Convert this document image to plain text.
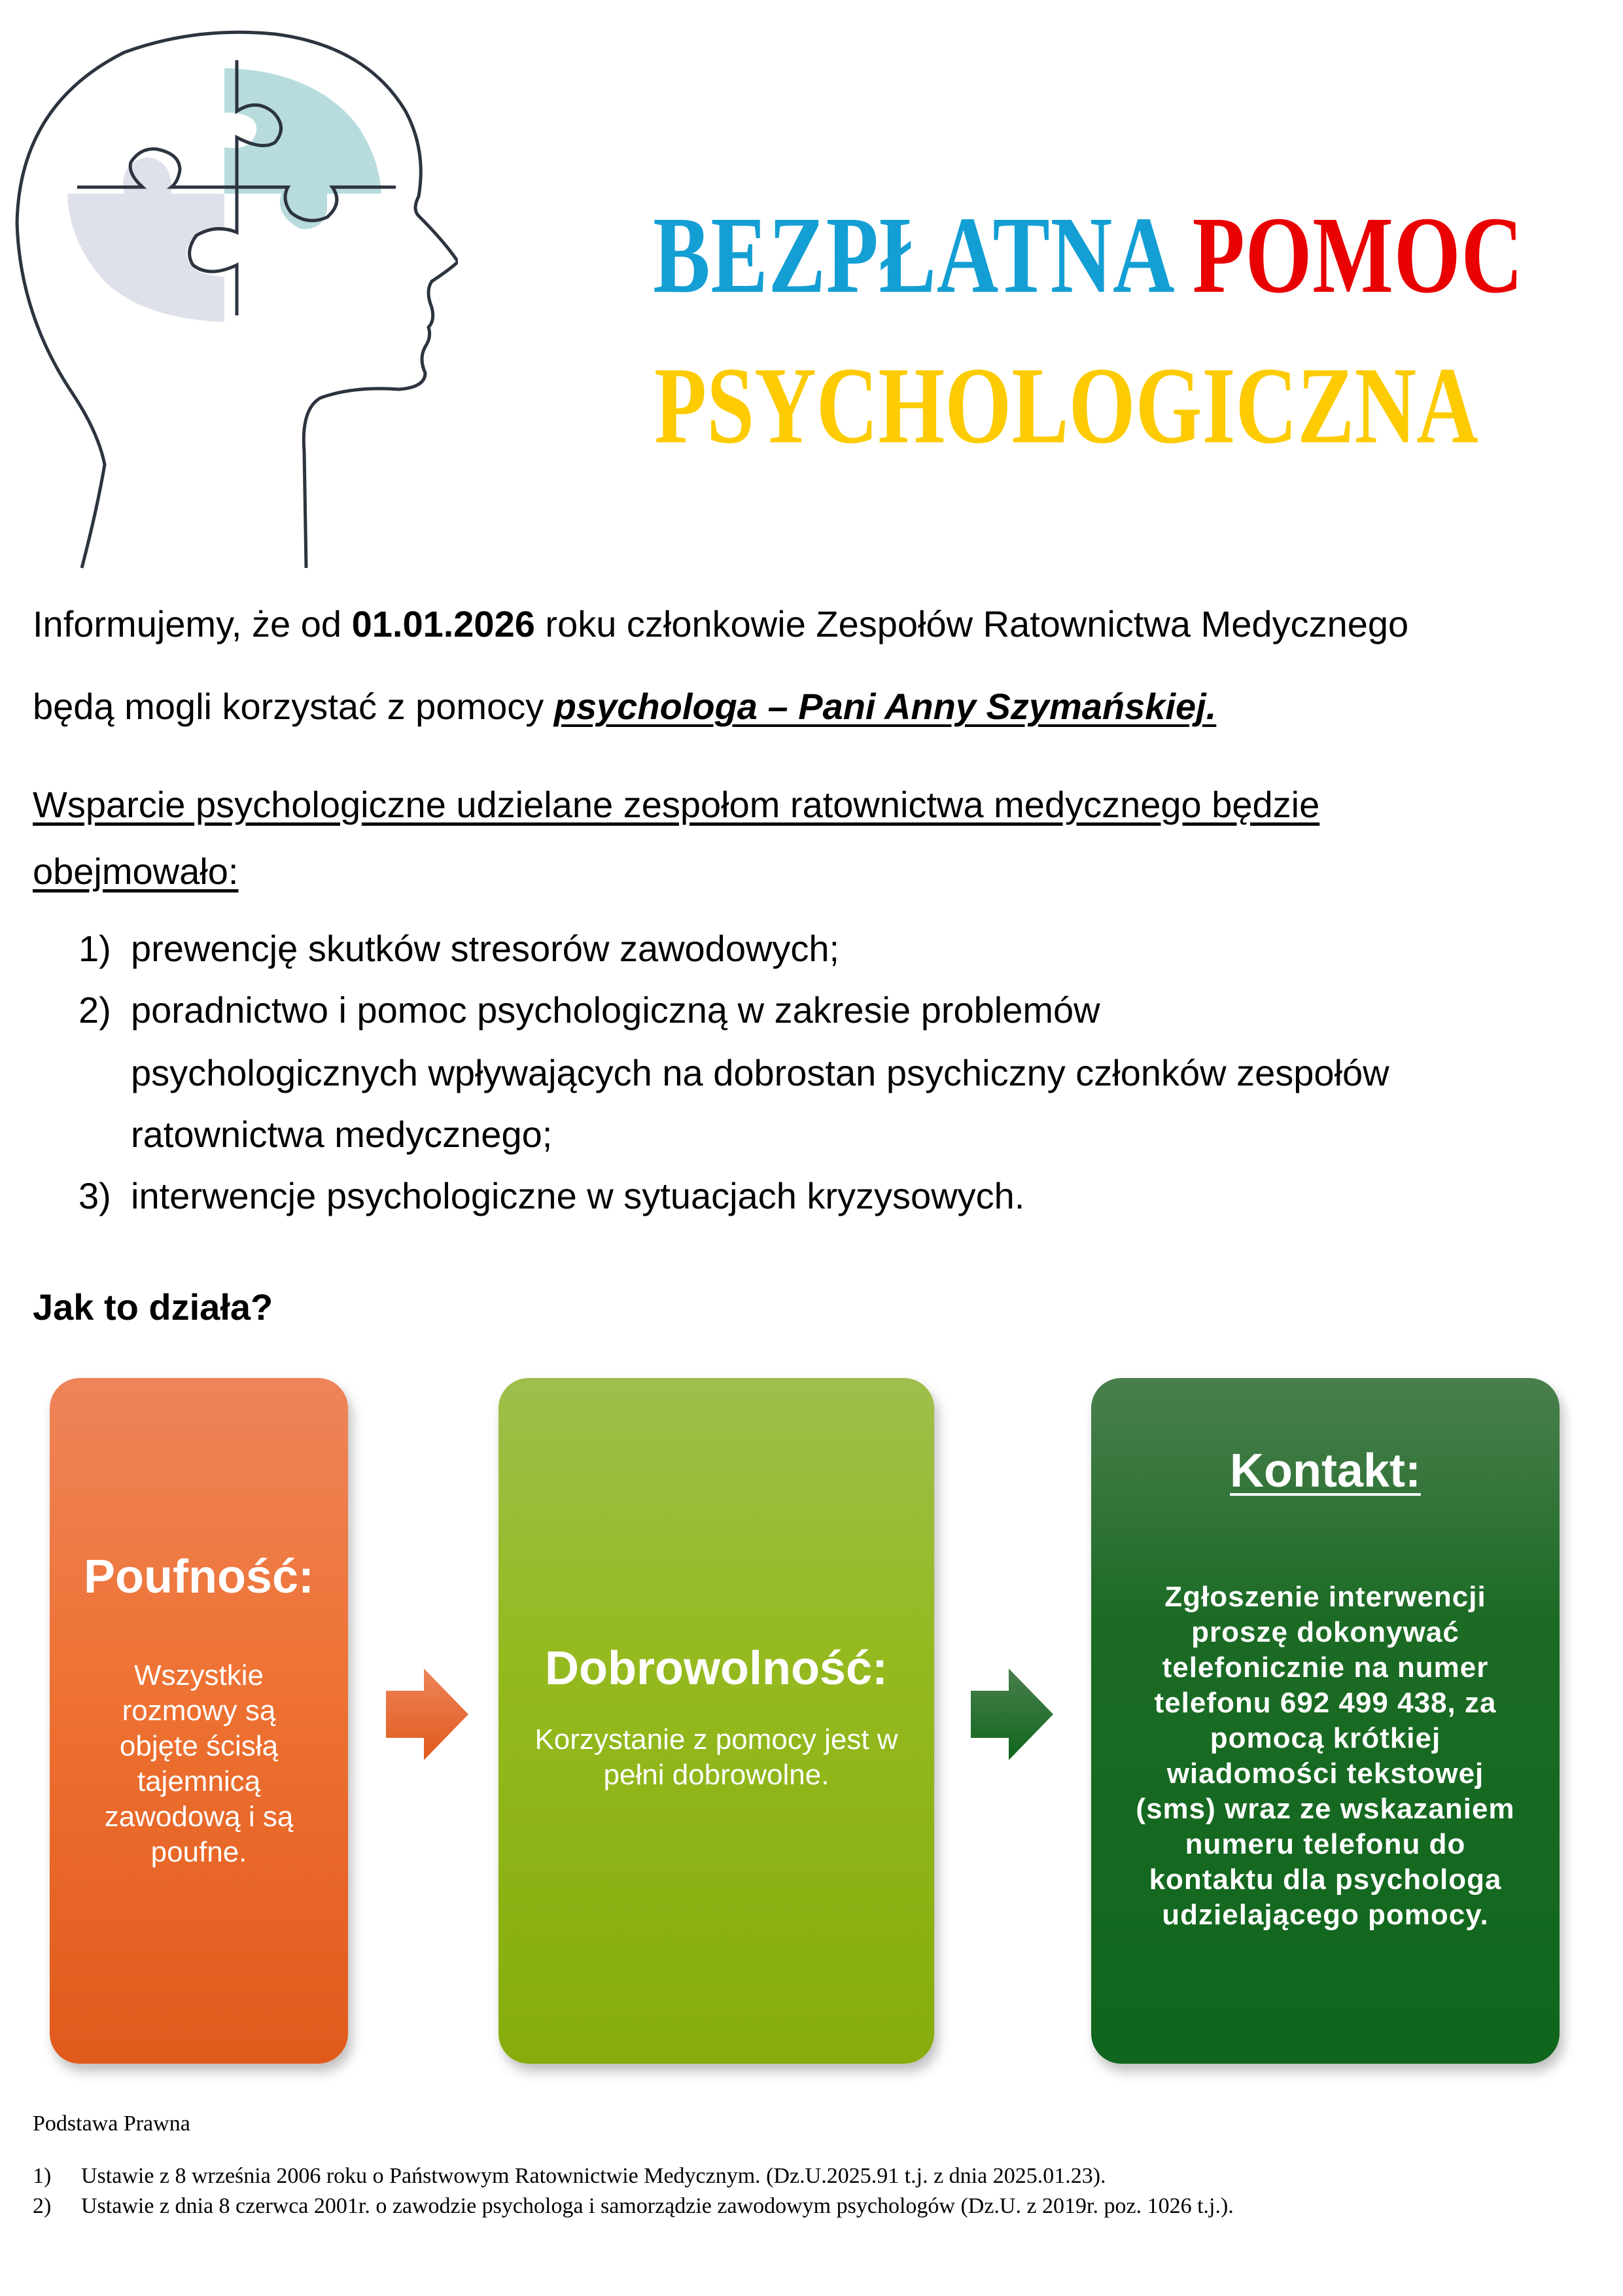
BEZPŁATNA POMOC
PSYCHOLOGICZNA
Informujemy, że od 01.01.2026 roku członkowie Zespołów Ratownictwa Medycznego
będą mogli korzystać z pomocy psychologa – Pani Anny Szymańskiej.
Wsparcie psychologiczne udzielane zespołom ratownictwa medycznego będzie
obejmowało:
1) prewencję skutków stresorów zawodowych;
2) poradnictwo i pomoc psychologiczną w zakresie problemów
psychologicznych wpływających na dobrostan psychiczny członków zespołów
ratownictwa medycznego;
3) interwencje psychologiczne w sytuacjach kryzysowych.
Jak to działa?
Poufność:
Wszystkie rozmowy są objęte ścisłą tajemnicą zawodową i są poufne.
Dobrowolność:
Korzystanie z pomocy jest w pełni dobrowolne.
Kontakt:
Zgłoszenie interwencji proszę dokonywać telefonicznie na numer telefonu 692 499 438, za pomocą krótkiej wiadomości tekstowej (sms) wraz ze wskazaniem numeru telefonu do kontaktu dla psychologa udzielającego pomocy.
Podstawa Prawna
1) Ustawie z 8 września 2006 roku o Państwowym Ratownictwie Medycznym. (Dz.U.2025.91 t.j. z dnia 2025.01.23).
2) Ustawie z dnia 8 czerwca 2001r. o zawodzie psychologa i samorządzie zawodowym psychologów (Dz.U. z 2019r. poz. 1026 t.j.).
